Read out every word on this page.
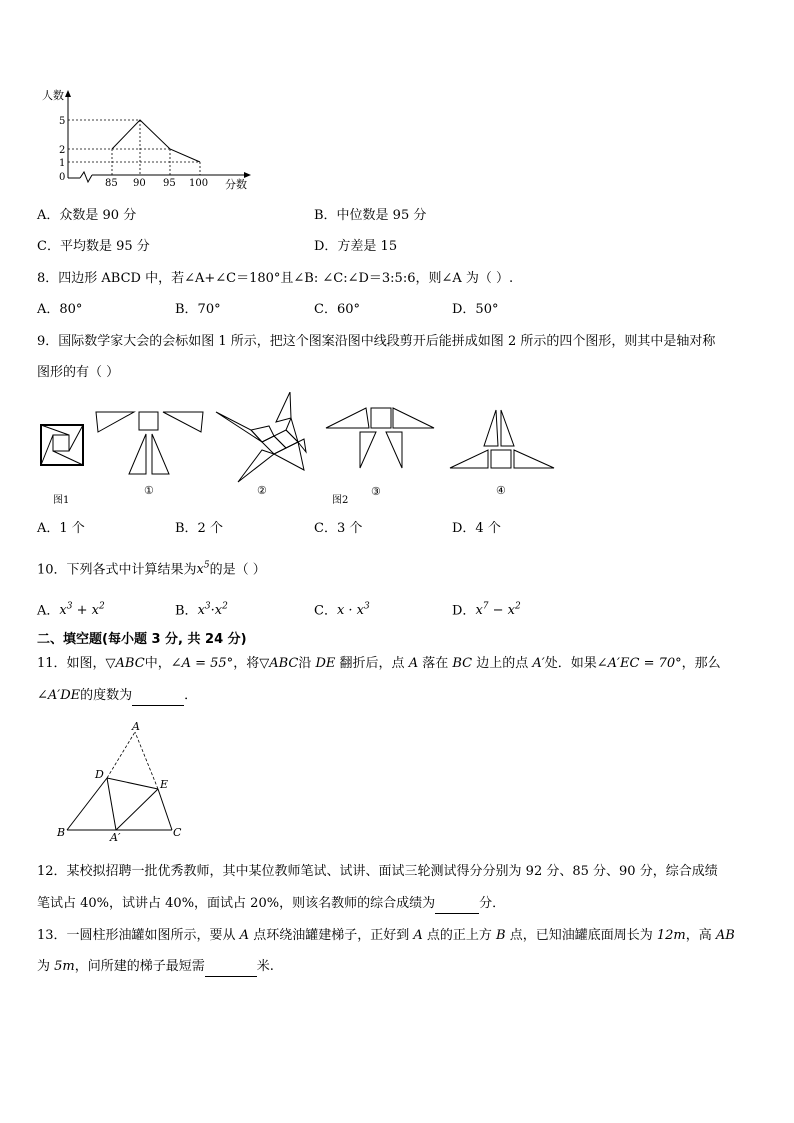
人数
分数
0
5
2
1
85 90 95 100
A．众数是 90 分	B．中位数是 95 分
C．平均数是 95 分	D．方差是 15
8．四边形 ABCD 中，若∠A+∠C＝180°且∠B: ∠C:∠D＝3:5:6，则∠A 为（ ）.
A．80°	B．70°	C．60°	D．50°
9．国际数学家大会的会标如图 1 所示，把这个图案沿图中线段剪开后能拼成如图 2 所示的四个图形，则其中是轴对称
图形的有（ ）
图1
①	②
图2
③	④
A．1 个	B．2 个	C．3 个	D．4 个
10．下列各式中计算结果为$x^5$的是（ ）
A．$x^3 + x^2$	B．$x^3\cdot x^2$	C．$x \cdot x^3$	D．$x^7 - x^2$
二、填空题(每小题 3 分, 共 24 分)
11．如图，▽ABC中，∠A = 55°，将▽ABC沿 DE 翻折后，点 A 落在 BC 边上的点 A′处．如果∠A′EC = 70°，那么
∠A′DE的度数为	．
A
D
E
B	A′	C
12．某校拟招聘一批优秀教师，其中某位教师笔试、试讲、面试三轮测试得分分别为 92 分、85 分、90 分，综合成绩
笔试占 40%，试讲占 40%，面试占 20%，则该名教师的综合成绩为	分．
13．一圆柱形油罐如图所示，要从 A 点环绕油罐建梯子，正好到 A 点的正上方 B 点，已知油罐底面周长为 12m，高 AB
为 5m，问所建的梯子最短需	米.
